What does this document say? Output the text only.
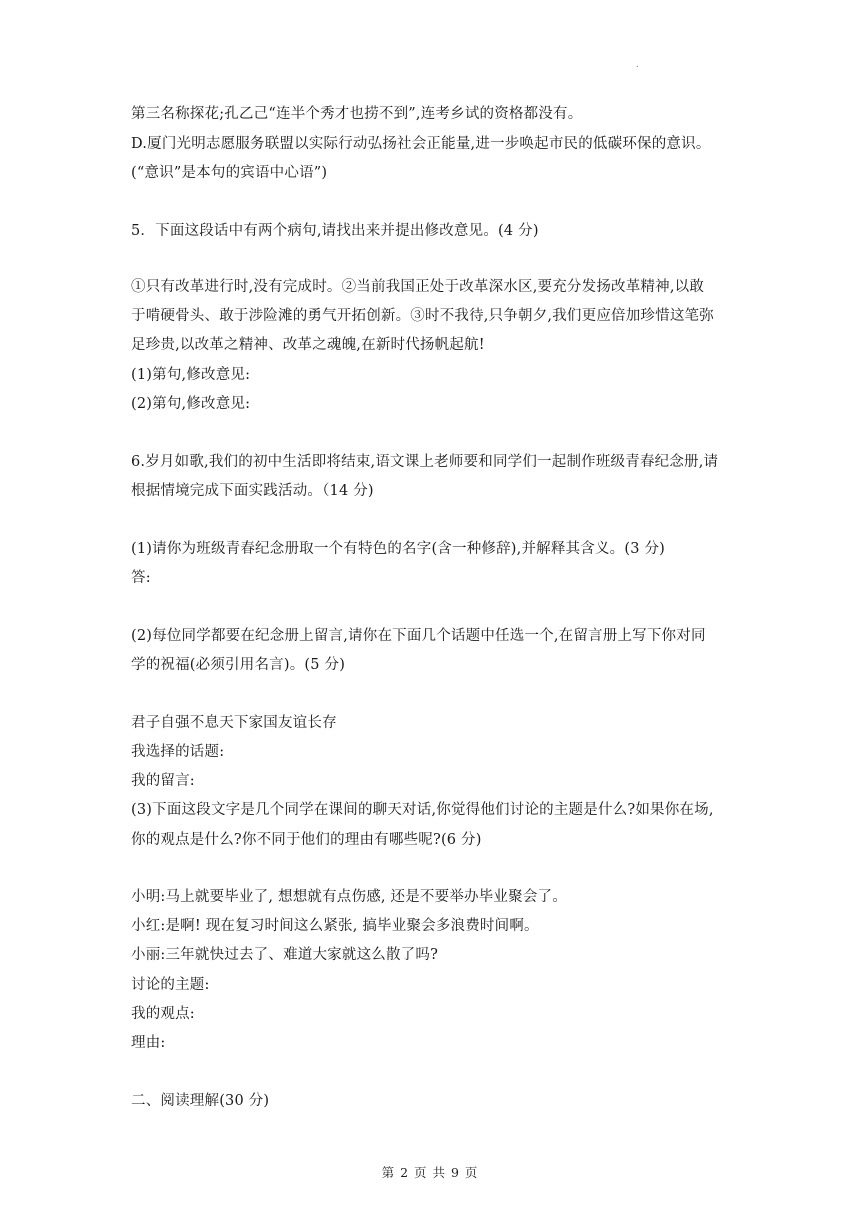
.
第三名称探花;孔乙己“连半个秀才也捞不到”,连考乡试的资格都没有。
D.厦门光明志愿服务联盟以实际行动弘扬社会正能量,进一步唤起市民的低碳环保的意识。
(“意识”是本句的宾语中心语”)
5．下面这段话中有两个病句,请找出来并提出修改意见。(4 分)
①只有改革进行时,没有完成时。②当前我国正处于改革深水区,要充分发扬改革精神,以敢
于啃硬骨头、敢于涉险滩的勇气开拓创新。③时不我待,只争朝夕,我们更应倍加珍惜这笔弥
足珍贵,以改革之精神、改革之魂魄,在新时代扬帆起航!
(1)第句,修改意见:
(2)第句,修改意见:
6.岁月如歌,我们的初中生活即将结束,语文课上老师要和同学们一起制作班级青春纪念册,请
根据情境完成下面实践活动。（14 分)
(1)请你为班级青春纪念册取一个有特色的名字(含一种修辞),并解释其含义。(3 分)
答:
(2)每位同学都要在纪念册上留言,请你在下面几个话题中任选一个,在留言册上写下你对同
学的祝福(必须引用名言)。(5 分)
君子自强不息天下家国友谊长存
我选择的话题:
我的留言:
(3)下面这段文字是几个同学在课间的聊天对话,你觉得他们讨论的主题是什么?如果你在场,
你的观点是什么?你不同于他们的理由有哪些呢?(6 分)
小明:马上就要毕业了, 想想就有点伤感, 还是不要举办毕业聚会了。
小红:是啊! 现在复习时间这么紧张, 搞毕业聚会多浪费时间啊。
小丽:三年就快过去了、难道大家就这么散了吗?
讨论的主题:
我的观点:
理由:
二、阅读理解(30 分)
第 2 页 共 9 页
